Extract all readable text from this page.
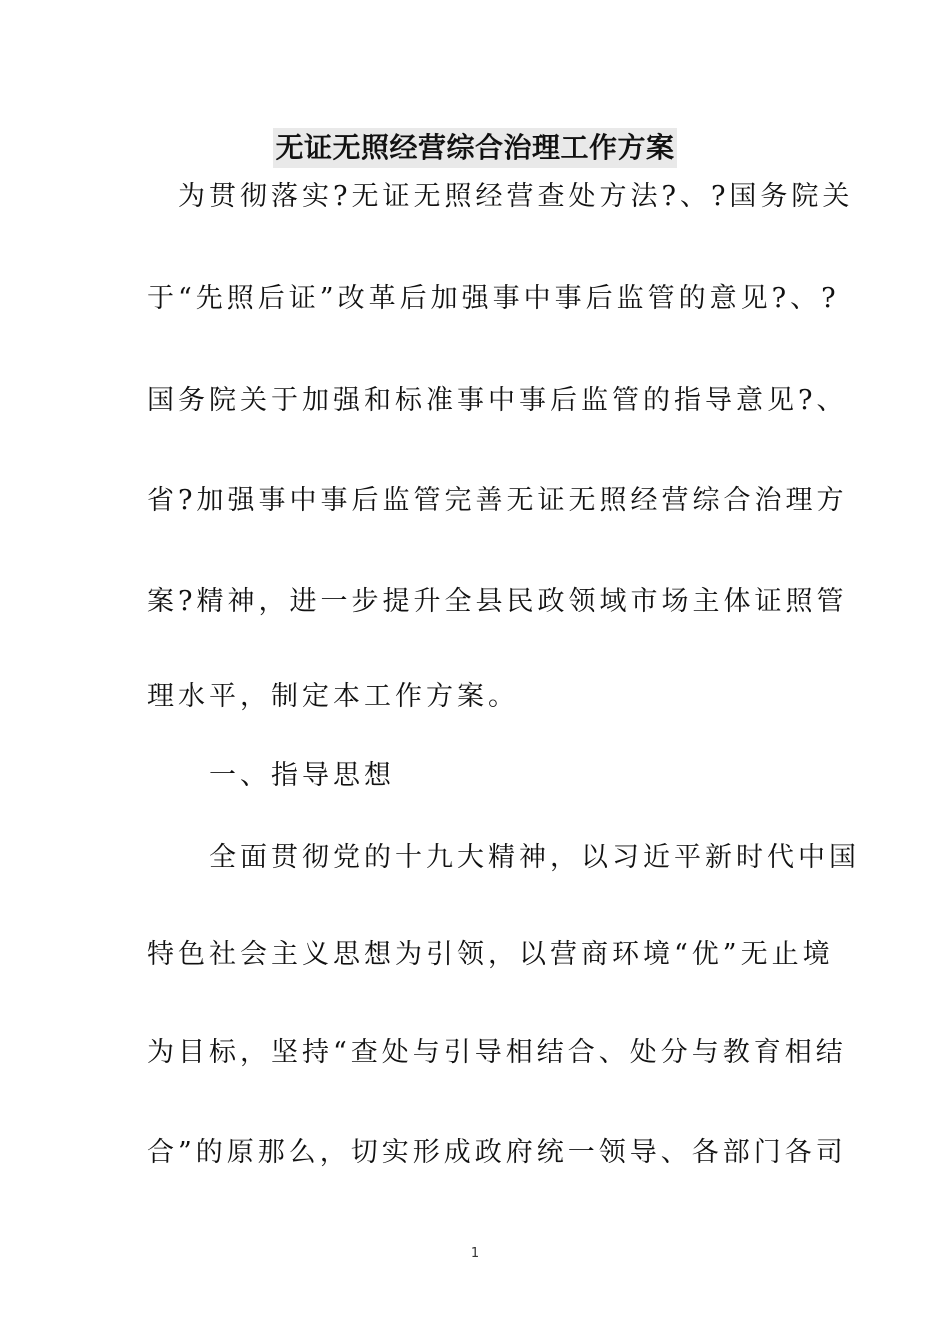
无证无照经营综合治理工作方案
　为贯彻落实?无证无照经营查处方法?、?国务院关
于“先照后证”改革后加强事中事后监管的意见?、?
国务院关于加强和标准事中事后监管的指导意见?、
省?加强事中事后监管完善无证无照经营综合治理方
案?精神，进一步提升全县民政领域市场主体证照管
理水平，制定本工作方案。
　　一、指导思想
　　全面贯彻党的十九大精神，以习近平新时代中国
特色社会主义思想为引领，以营商环境“优”无止境
为目标，坚持“查处与引导相结合、处分与教育相结
合”的原那么，切实形成政府统一领导、各部门各司
1
